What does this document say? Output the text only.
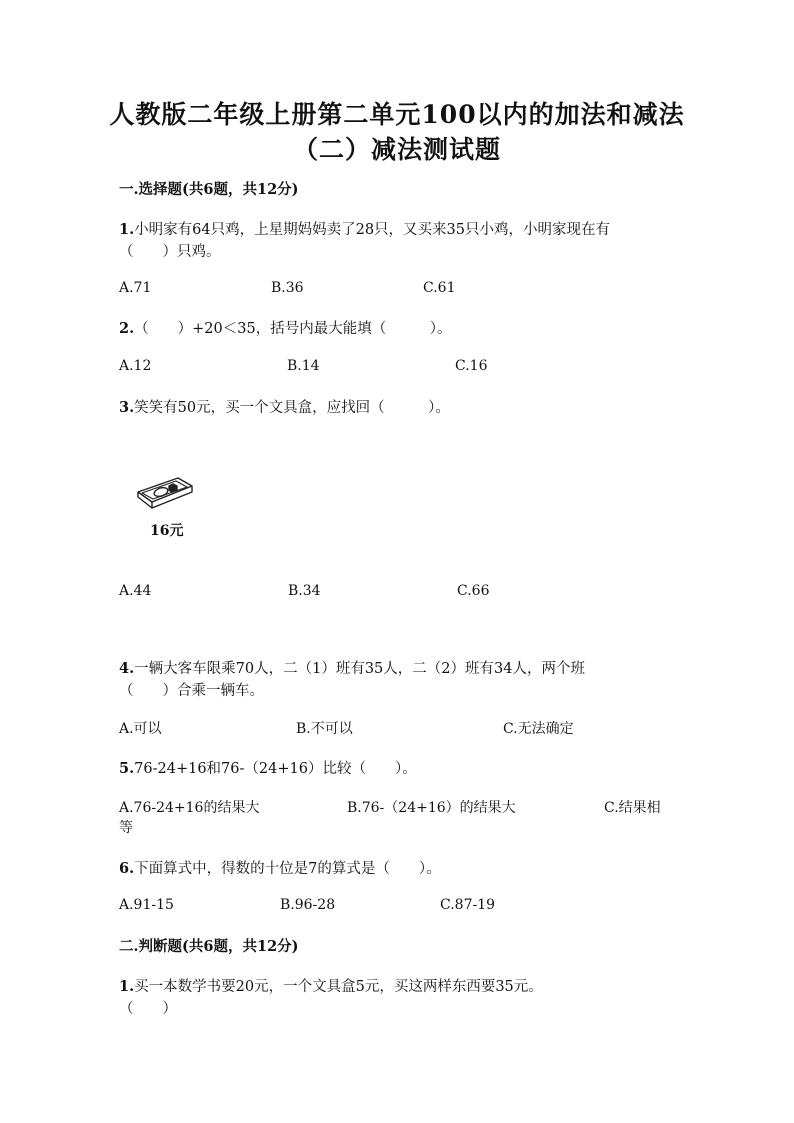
人教版二年级上册第二单元100以内的加法和减法
（二）减法测试题
一.选择题(共6题，共12分)
1.小明家有64只鸡，上星期妈妈卖了28只，又买来35只小鸡，小明家现在有
（　　）只鸡。
A.71	B.36	C.61
2.（　　）+20＜35，括号内最大能填（　　　）。
A.12	B.14	C.16
3.笑笑有50元，买一个文具盒，应找回（　　　）。
16元
A.44	B.34	C.66
4.一辆大客车限乘70人，二（1）班有35人，二（2）班有34人，两个班
（　　）合乘一辆车。
A.可以	B.不可以	C.无法确定
5.76-24+16和76-（24+16）比较（　　）。
A.76-24+16的结果大	B.76-（24+16）的结果大	C.结果相
等
6.下面算式中，得数的十位是7的算式是（　　）。
A.91-15	B.96-28	C.87-19
二.判断题(共6题，共12分)
1.买一本数学书要20元，一个文具盒5元，买这两样东西要35元。
（　　）
